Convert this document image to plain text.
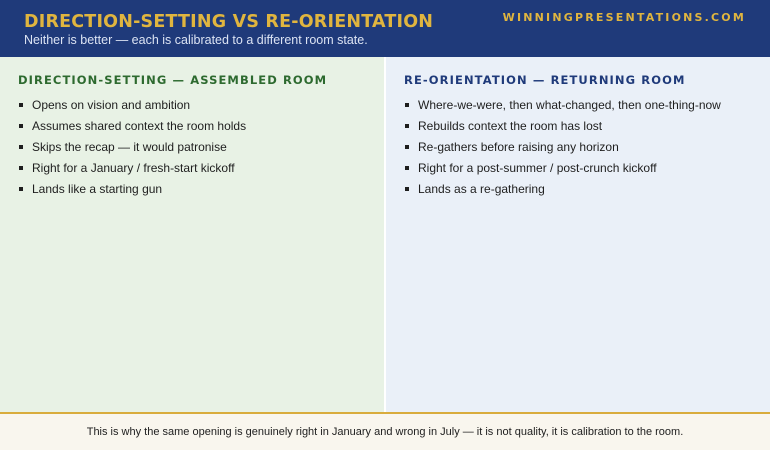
DIRECTION-SETTING VS RE-ORIENTATION
Neither is better — each is calibrated to a different room state.
WINNINGPRESENTATIONS.COM
DIRECTION-SETTING — ASSEMBLED ROOM
Opens on vision and ambition
Assumes shared context the room holds
Skips the recap — it would patronise
Right for a January / fresh-start kickoff
Lands like a starting gun
RE-ORIENTATION — RETURNING ROOM
Where-we-were, then what-changed, then one-thing-now
Rebuilds context the room has lost
Re-gathers before raising any horizon
Right for a post-summer / post-crunch kickoff
Lands as a re-gathering
This is why the same opening is genuinely right in January and wrong in July — it is not quality, it is calibration to the room.
